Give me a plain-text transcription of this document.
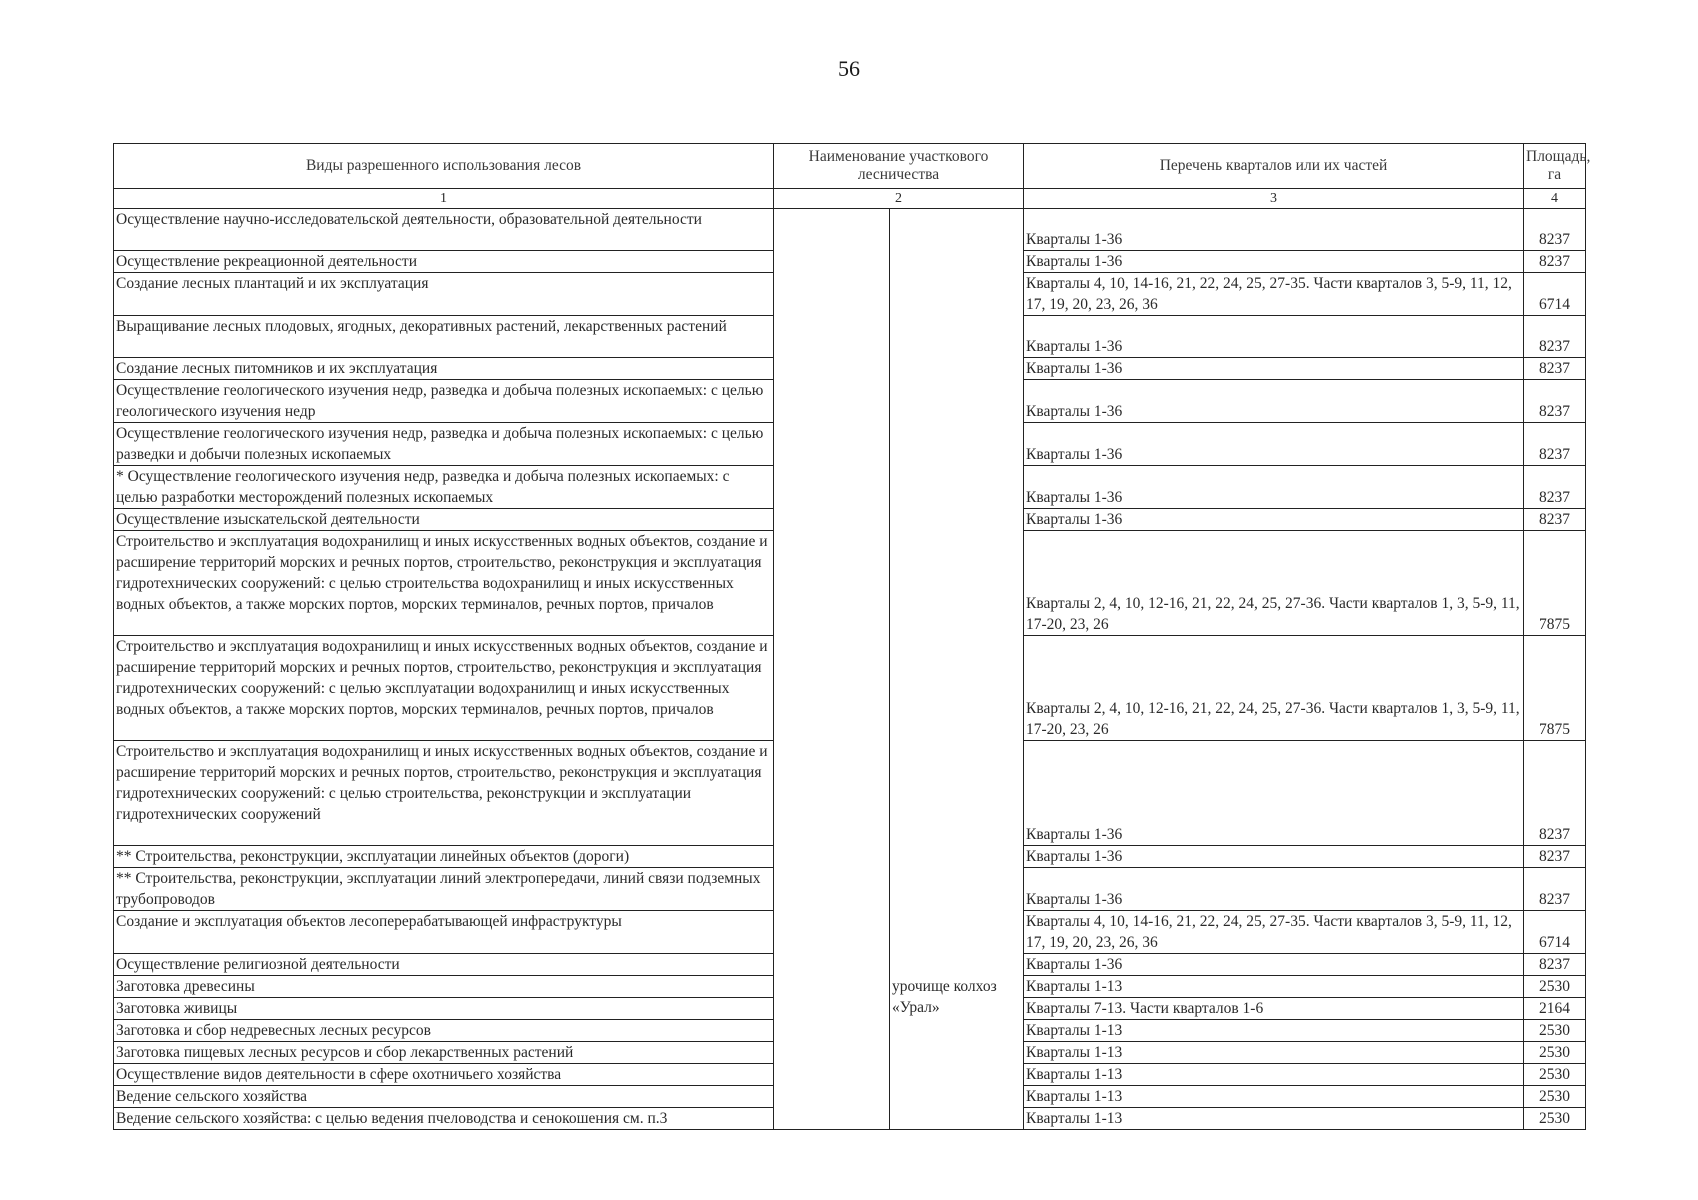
56
Виды разрешенного использования лесов	Наименование участкового лесничества		Перечень кварталов или их частей	Площадь, га
1	2		3	4
Осуществление научно-исследовательской деятельности, образовательной деятельности			Кварталы 1-36	8237
Осуществление рекреационной деятельности			Кварталы 1-36	8237
Создание лесных плантаций и их эксплуатация			Кварталы 4, 10, 14-16, 21, 22, 24, 25, 27-35. Части кварталов 3, 5-9, 11, 12, 17, 19, 20, 23, 26, 36	6714
Выращивание лесных плодовых, ягодных, декоративных растений, лекарственных растений			Кварталы 1-36	8237
Создание лесных питомников и их эксплуатация			Кварталы 1-36	8237
Осуществление геологического изучения недр, разведка и добыча полезных ископаемых: с целью геологического изучения недр			Кварталы 1-36	8237
Осуществление геологического изучения недр, разведка и добыча полезных ископаемых: с целью разведки и добычи полезных ископаемых			Кварталы 1-36	8237
* Осуществление геологического изучения недр, разведка и добыча полезных ископаемых: с целью разработки месторождений полезных ископаемых			Кварталы 1-36	8237
Осуществление изыскательской деятельности			Кварталы 1-36	8237
Строительство и эксплуатация водохранилищ и иных искусственных водных объектов, создание и расширение территорий морских и речных портов, строительство, реконструкция и эксплуатация гидротехнических сооружений: с целью строительства водохранилищ и иных искусственных водных объектов, а также морских портов, морских терминалов, речных портов, причалов			Кварталы 2, 4, 10, 12-16, 21, 22, 24, 25, 27-36. Части кварталов 1, 3, 5-9, 11, 17-20, 23, 26	7875
Строительство и эксплуатация водохранилищ и иных искусственных водных объектов, создание и расширение территорий морских и речных портов, строительство, реконструкция и эксплуатация гидротехнических сооружений: с целью эксплуатации водохранилищ и иных искусственных водных объектов, а также морских портов, морских терминалов, речных портов, причалов			Кварталы 2, 4, 10, 12-16, 21, 22, 24, 25, 27-36. Части кварталов 1, 3, 5-9, 11, 17-20, 23, 26	7875
Строительство и эксплуатация водохранилищ и иных искусственных водных объектов, создание и расширение территорий морских и речных портов, строительство, реконструкция и эксплуатация гидротехнических сооружений: с целью строительства, реконструкции и эксплуатации гидротехнических сооружений			Кварталы 1-36	8237
** Строительства, реконструкции, эксплуатации линейных объектов (дороги)			Кварталы 1-36	8237
** Строительства, реконструкции, эксплуатации линий электропередачи, линий связи подземных трубопроводов			Кварталы 1-36	8237
Создание и эксплуатация объектов лесоперерабатывающей инфраструктуры			Кварталы 4, 10, 14-16, 21, 22, 24, 25, 27-35. Части кварталов 3, 5-9, 11, 12, 17, 19, 20, 23, 26, 36	6714
Осуществление религиозной деятельности			Кварталы 1-36	8237
Заготовка древесины		урочище колхоз «Урал»	Кварталы 1-13	2530
Заготовка живицы			Кварталы 7-13. Части кварталов 1-6	2164
Заготовка и сбор недревесных лесных ресурсов			Кварталы 1-13	2530
Заготовка пищевых лесных ресурсов и сбор лекарственных растений			Кварталы 1-13	2530
Осуществление видов деятельности в сфере охотничьего хозяйства			Кварталы 1-13	2530
Ведение сельского хозяйства			Кварталы 1-13	2530
Ведение сельского хозяйства: с целью ведения пчеловодства и сенокошения см. п.3			Кварталы 1-13	2530
